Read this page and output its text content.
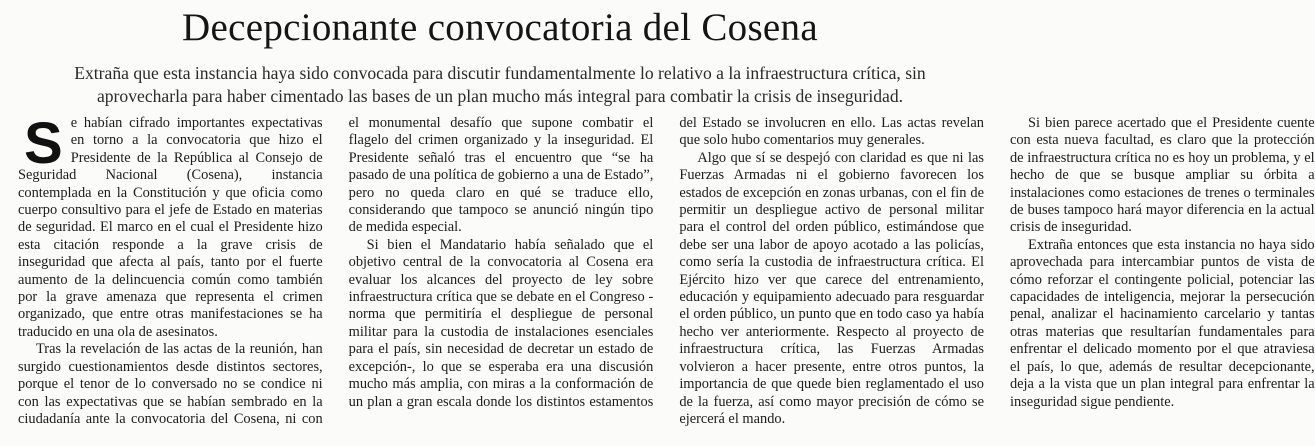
Decepcionante convocatoria del Cosena

Extraña que esta instancia haya sido convocada para discutir fundamentalmente lo relativo a la infraestructura crítica, sin aprovecharla para haber cimentado las bases de un plan mucho más integral para combatir la crisis de inseguridad.

Se habían cifrado importantes expectativas en torno a la convocatoria que hizo el Presidente de la República al Consejo de Seguridad Nacional (Cosena), instancia contemplada en la Constitución y que oficia como cuerpo consultivo para el jefe de Estado en materias de seguridad. El marco en el cual el Presidente hizo esta citación responde a la grave crisis de inseguridad que afecta al país, tanto por el fuerte aumento de la delincuencia común como también por la grave amenaza que representa el crimen organizado, que entre otras manifestaciones se ha traducido en una ola de asesinatos.

Tras la revelación de las actas de la reunión, han surgido cuestionamientos desde distintos sectores, porque el tenor de lo conversado no se condice ni con las expectativas que se habían sembrado en la ciudadanía ante la convocatoria del Cosena, ni con el monumental desafío que supone combatir el flagelo del crimen organizado y la inseguridad. El Presidente señaló tras el encuentro que “se ha pasado de una política de gobierno a una de Estado”, pero no queda claro en qué se traduce ello, considerando que tampoco se anunció ningún tipo de medida especial.

Si bien el Mandatario había señalado que el objetivo central de la convocatoria al Cosena era evaluar los alcances del proyecto de ley sobre infraestructura crítica que se debate en el Congreso -norma que permitiría el despliegue de personal militar para la custodia de instalaciones esenciales para el país, sin necesidad de decretar un estado de excepción-, lo que se esperaba era una discusión mucho más amplia, con miras a la conformación de un plan a gran escala donde los distintos estamentos del Estado se involucren en ello. Las actas revelan que solo hubo comentarios muy generales.

Algo que sí se despejó con claridad es que ni las Fuerzas Armadas ni el gobierno favorecen los estados de excepción en zonas urbanas, con el fin de permitir un despliegue activo de personal militar para el control del orden público, estimándose que debe ser una labor de apoyo acotado a las policías, como sería la custodia de infraestructura crítica. El Ejército hizo ver que carece del entrenamiento, educación y equipamiento adecuado para resguardar el orden público, un punto que en todo caso ya había hecho ver anteriormente. Respecto al proyecto de infraestructura crítica, las Fuerzas Armadas volvieron a hacer presente, entre otros puntos, la importancia de que quede bien reglamentado el uso de la fuerza, así como mayor precisión de cómo se ejercerá el mando.

Si bien parece acertado que el Presidente cuente con esta nueva facultad, es claro que la protección de infraestructura crítica no es hoy un problema, y el hecho de que se busque ampliar su órbita a instalaciones como estaciones de trenes o terminales de buses tampoco hará mayor diferencia en la actual crisis de inseguridad.

Extraña entonces que esta instancia no haya sido aprovechada para intercambiar puntos de vista de cómo reforzar el contingente policial, potenciar las capacidades de inteligencia, mejorar la persecución penal, analizar el hacinamiento carcelario y tantas otras materias que resultarían fundamentales para enfrentar el delicado momento por el que atraviesa el país, lo que, además de resultar decepcionante, deja a la vista que un plan integral para enfrentar la inseguridad sigue pendiente.
